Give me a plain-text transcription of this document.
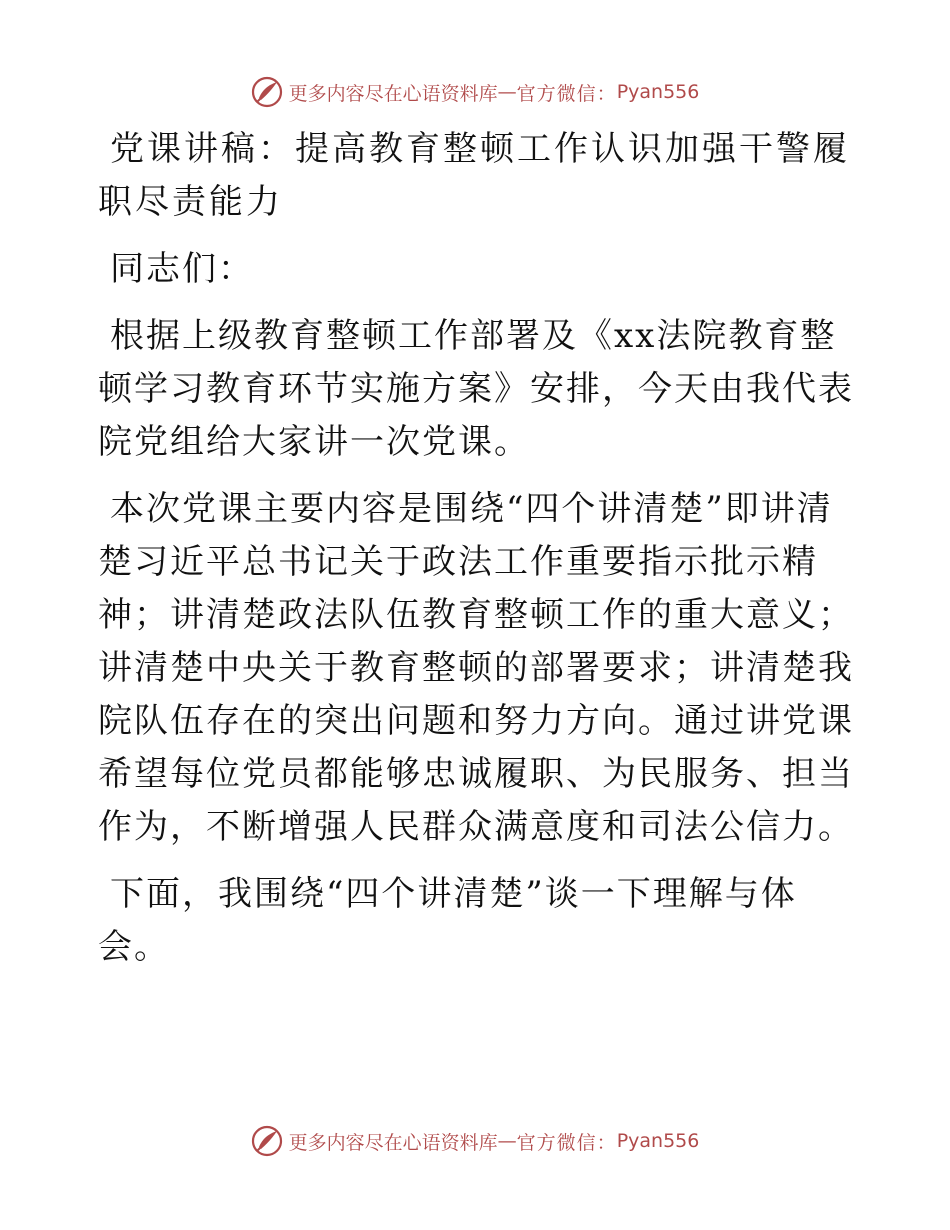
更多内容尽在心语资料库 — 官方微信： Pyan556

党课讲稿：提高教育整顿工作认识加强干警履职尽责能力

同志们：

根据上级教育整顿工作部署及《xx法院教育整顿学习教育环节实施方案》安排，今天由我代表院党组给大家讲一次党课。

本次党课主要内容是围绕“四个讲清楚”即讲清楚习近平总书记关于政法工作重要指示批示精神；讲清楚政法队伍教育整顿工作的重大意义；讲清楚中央关于教育整顿的部署要求；讲清楚我院队伍存在的突出问题和努力方向。通过讲党课希望每位党员都能够忠诚履职、为民服务、担当作为，不断增强人民群众满意度和司法公信力。

下面，我围绕“四个讲清楚”谈一下理解与体会。

更多内容尽在心语资料库 — 官方微信： Pyan556
